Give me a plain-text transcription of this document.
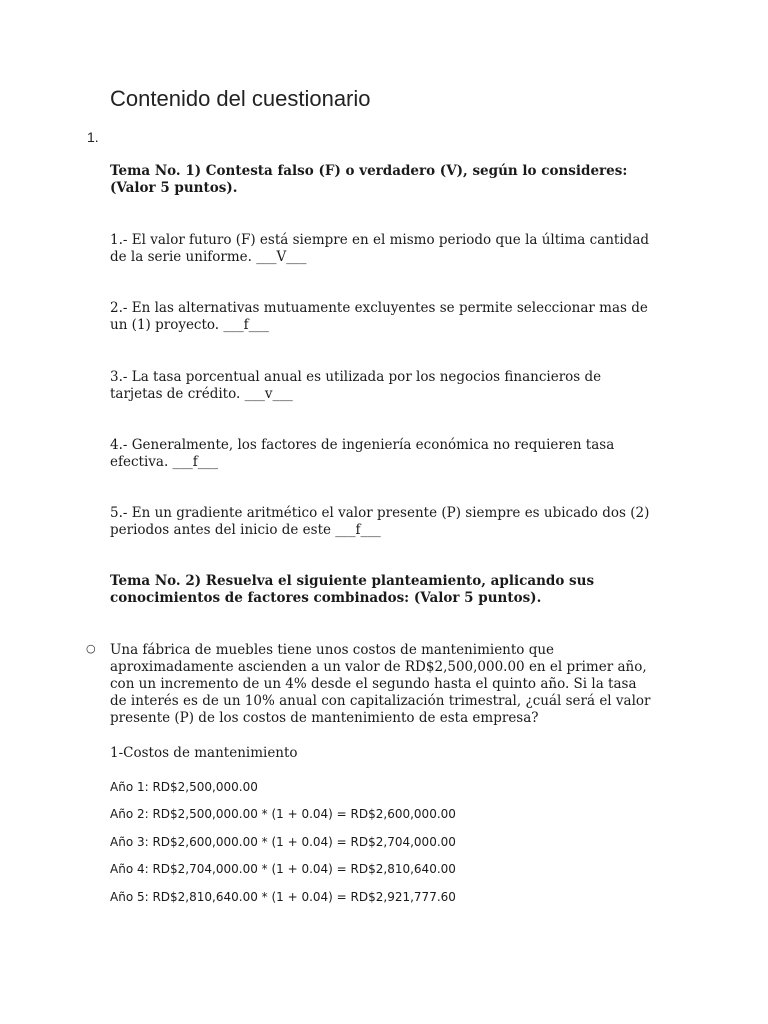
Contenido del cuestionario
1.

Tema No. 1) Contesta falso (F) o verdadero (V), según lo consideres: (Valor 5 puntos).

1.- El valor futuro (F) está siempre en el mismo periodo que la última cantidad de la serie uniforme. ___V___

2.- En las alternativas mutuamente excluyentes se permite seleccionar mas de un (1) proyecto. ___f___

3.- La tasa porcentual anual es utilizada por los negocios financieros de tarjetas de crédito. ___v___

4.- Generalmente, los factores de ingeniería económica no requieren tasa efectiva. ___f___

5.- En un gradiente aritmético el valor presente (P) siempre es ubicado dos (2) periodos antes del inicio de este ___f___

Tema No. 2) Resuelva el siguiente planteamiento, aplicando sus conocimientos de factores combinados: (Valor 5 puntos).

○ Una fábrica de muebles tiene unos costos de mantenimiento que aproximadamente ascienden a un valor de RD$2,500,000.00 en el primer año, con un incremento de un 4% desde el segundo hasta el quinto año. Si la tasa de interés es de un 10% anual con capitalización trimestral, ¿cuál será el valor presente (P) de los costos de mantenimiento de esta empresa?

1-Costos de mantenimiento

Año 1: RD$2,500,000.00
Año 2: RD$2,500,000.00 * (1 + 0.04) = RD$2,600,000.00
Año 3: RD$2,600,000.00 * (1 + 0.04) = RD$2,704,000.00
Año 4: RD$2,704,000.00 * (1 + 0.04) = RD$2,810,640.00
Año 5: RD$2,810,640.00 * (1 + 0.04) = RD$2,921,777.60
